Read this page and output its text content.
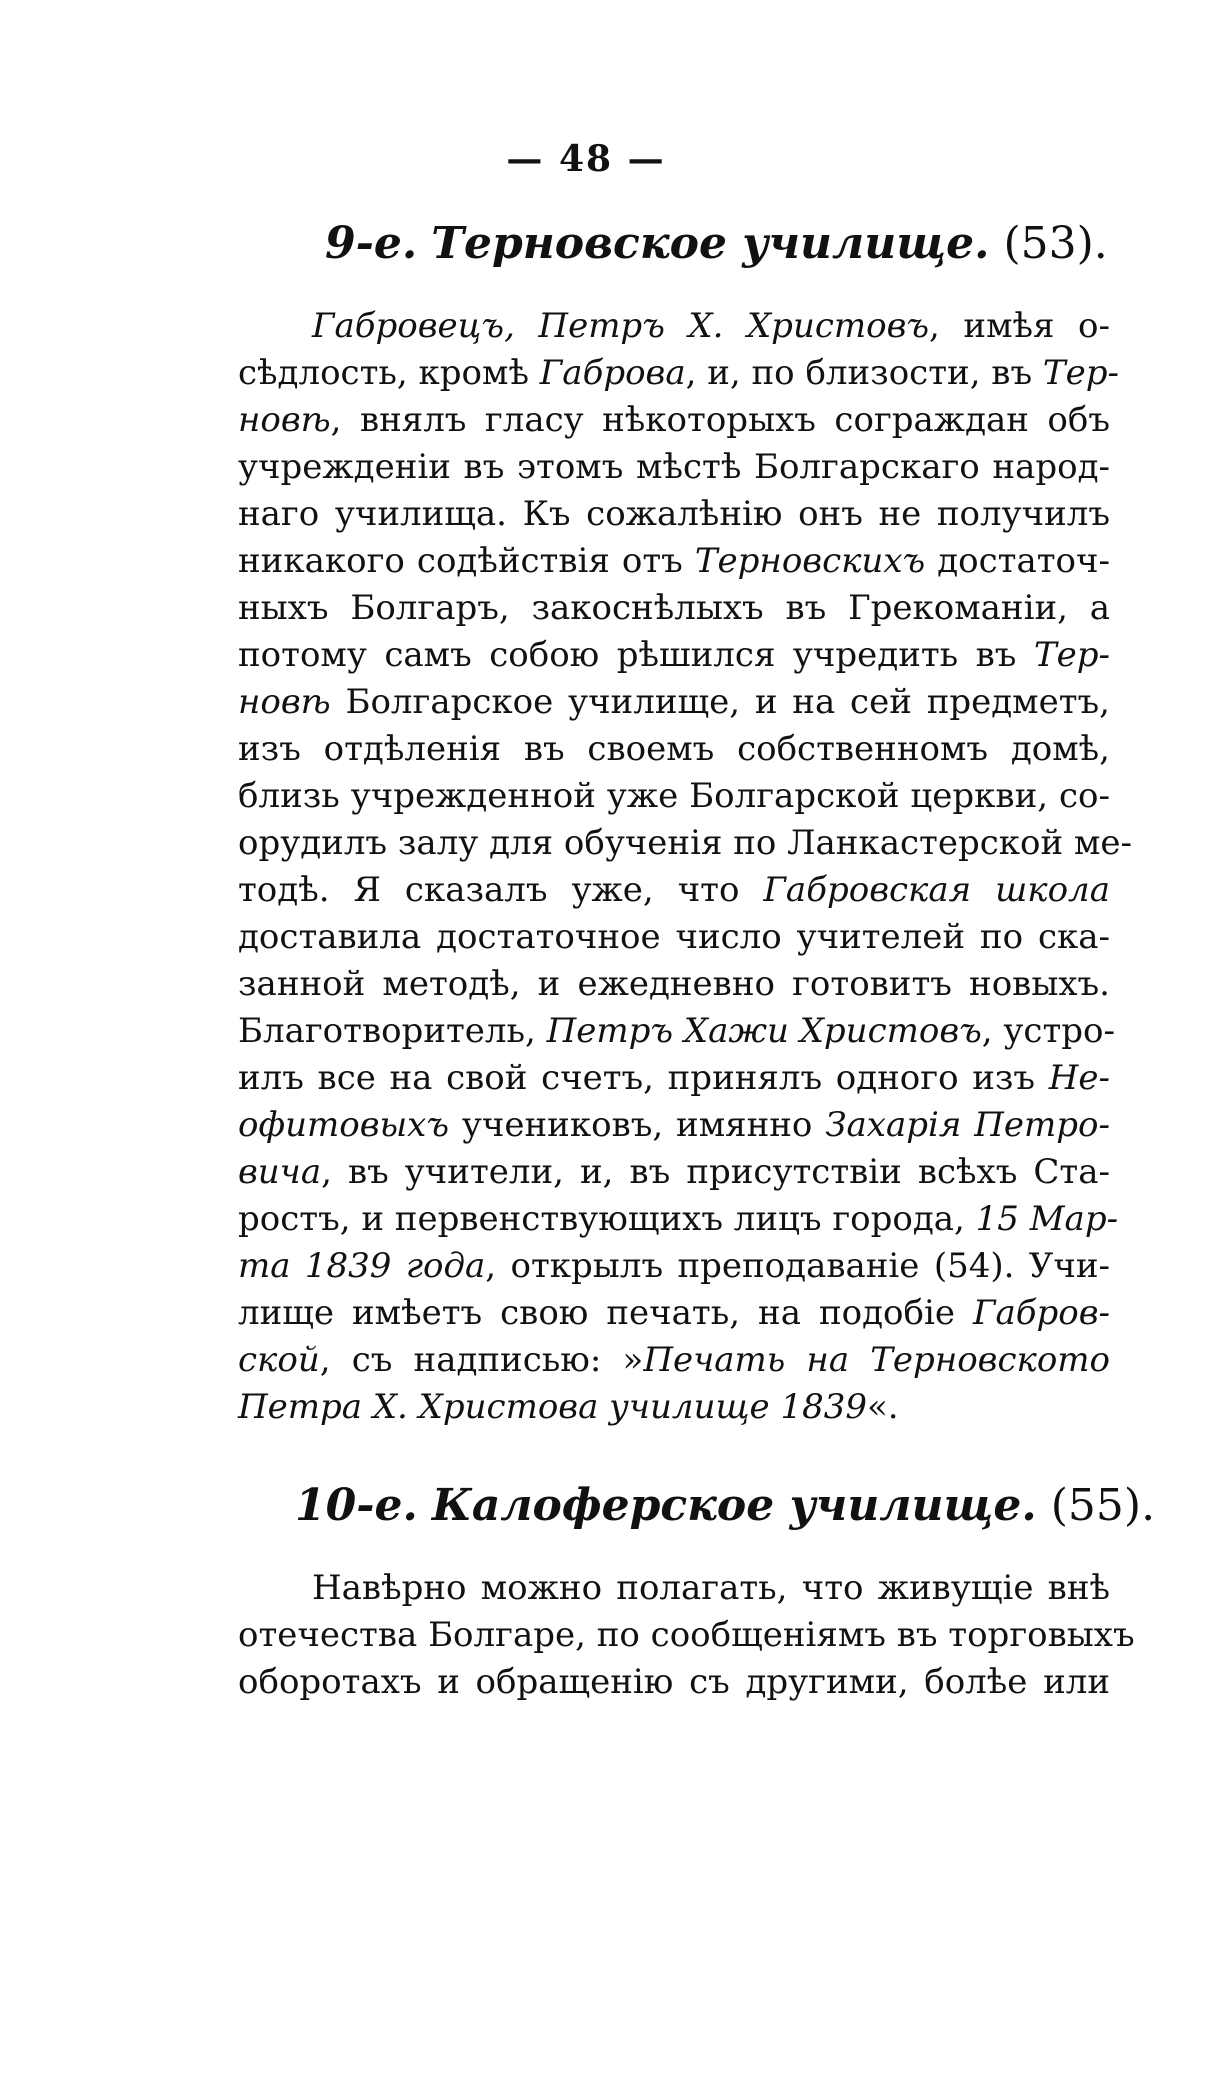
— 48 —
9-е. Терновское училище. (53).
Габровецъ, Петръ Х. Христовъ, имѣя о-
сѣдлость, кромѣ Габрова, и, по близости, въ Тер-
новѣ, внялъ гласу нѣкоторыхъ сограждан объ
учрежденіи въ этомъ мѣстѣ Болгарскаго народ-
наго училища. Къ сожалѣнію онъ не получилъ
никакого содѣйствія отъ Терновскихъ достаточ-
ныхъ Болгаръ, закоснѣлыхъ въ Грекоманіи, а
потому самъ собою рѣшился учредить въ Тер-
новѣ Болгарское училище, и на сей предметъ,
изъ отдѣленія въ своемъ собственномъ домѣ,
близь учрежденной уже Болгарской церкви, со-
орудилъ залу для обученія по Ланкастерской ме-
тодѣ. Я сказалъ уже, что Габровская школа
доставила достаточное число учителей по ска-
занной методѣ, и ежедневно готовитъ новыхъ.
Благотворитель, Петръ Хажи Христовъ, устро-
илъ все на свой счетъ, принялъ одного изъ Не-
офитовыхъ учениковъ, имянно Захарія Петро-
вича, въ учители, и, въ присутствіи всѣхъ Ста-
ростъ, и первенствующихъ лицъ города, 15 Мар-
та 1839 года, открылъ преподаваніе (54). Учи-
лище имѣетъ свою печать, на подобіе Габров-
ской, съ надписью: »Печать на Терновското
Петра Х. Христова училище 1839«.
10-е. Калоферское училище. (55).
Навѣрно можно полагать, что живущіе внѣ
отечества Болгаре, по сообщеніямъ въ торговыхъ
оборотахъ и обращенію съ другими, болѣе или
